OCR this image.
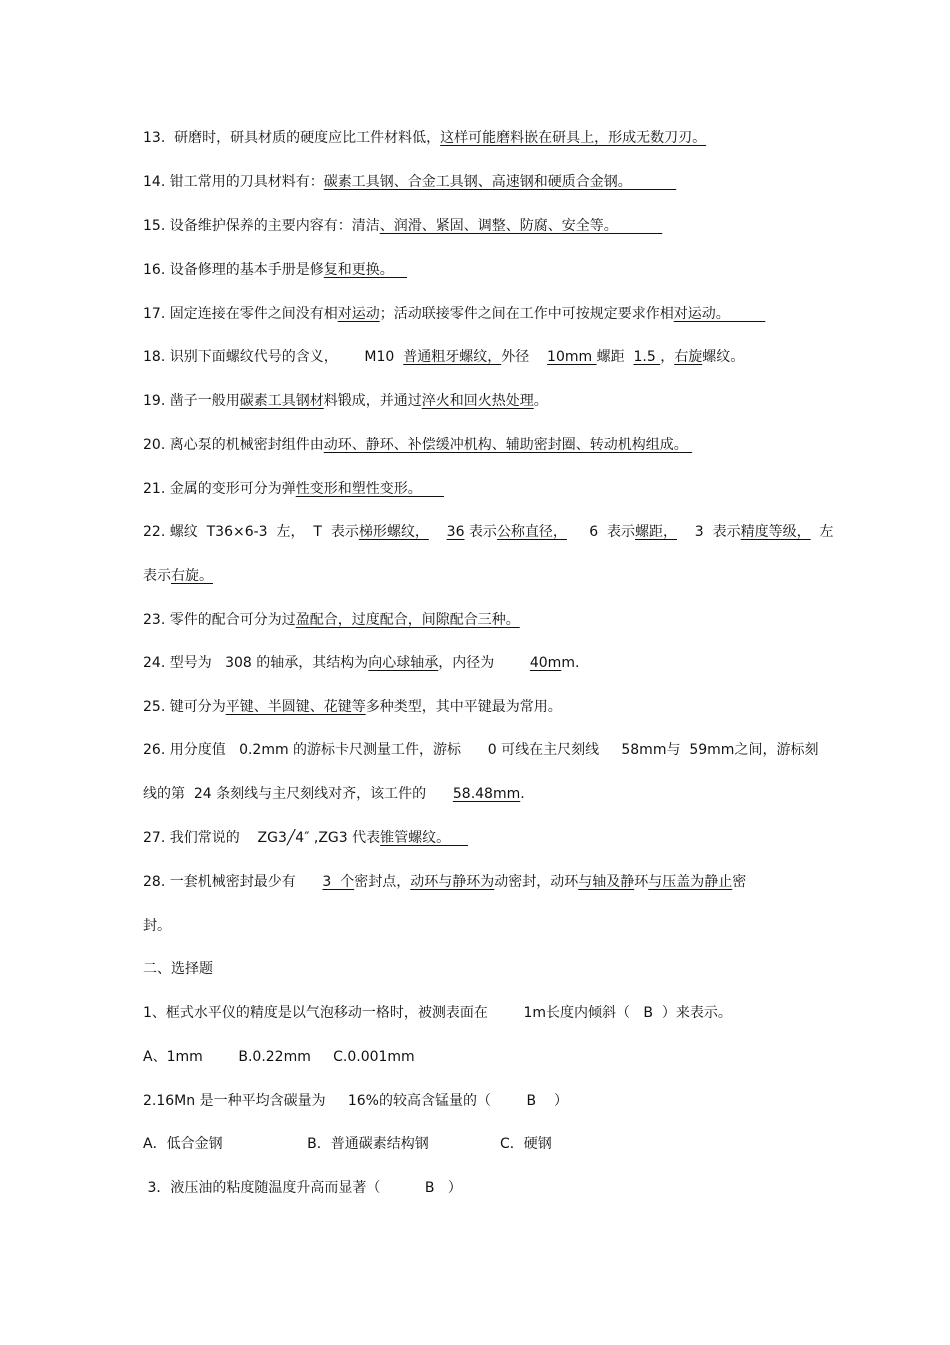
13.  研磨时，研具材质的硬度应比工件材料低，这样可能磨料嵌在研具上，形成无数刀刃。
14. 钳工常用的刀具材料有：碳素工具钢、合金工具钢、高速钢和硬质合金钢。
15. 设备维护保养的主要内容有：清洁、润滑、紧固、调整、防腐、安全等。
16. 设备修理的基本手册是修复和更换。
17. 固定连接在零件之间没有相对运动；活动联接零件之间在工作中可按规定要求作相对运动。
18. 识别下面螺纹代号的含义，      M10  普通粗牙螺纹，外径    10mm 螺距  1.5 ，右旋螺纹。
19. 凿子一般用碳素工具钢材料锻成，并通过淬火和回火热处理。
20. 离心泵的机械密封组件由动环、静环、补偿缓冲机构、辅助密封圈、转动机构组成。
21. 金属的变形可分为弹性变形和塑性变形。
22. 螺纹  T36×6-3  左，  T  表示梯形螺纹， 36 表示公称直径，     6  表示螺距，    3  表示精度等级，  左
表示右旋。
23. 零件的配合可分为过盈配合，过度配合，间隙配合三种。
24. 型号为   308 的轴承，其结构为向心球轴承，内径为        40mm.
25. 键可分为平键、半圆键、花键等多种类型，其中平键最为常用。
26. 用分度值   0.2mm 的游标卡尺测量工件，游标      0 可线在主尺刻线     58mm与  59mm之间，游标刻
线的第  24 条刻线与主尺刻线对齐，该工件的      58.48mm.
27. 我们常说的    ZG3╱4″ ,ZG3 代表锥管螺纹。
28. 一套机械密封最少有      3  个密封点，动环与静环为动密封，动环与轴及静环与压盖为静止密
封。
二、选择题
1、框式水平仪的精度是以气泡移动一格时，被测表面在        1m长度内倾斜（   B  ）来表示。
A、1mm        B.0.22mm     C.0.001mm
2.16Mn 是一种平均含碳量为     16%的较高含锰量的（        B    ）
A．低合金钢                   B．普通碳素结构钢                C．硬钢
3．液压油的粘度随温度升高而显著（          B   ）
